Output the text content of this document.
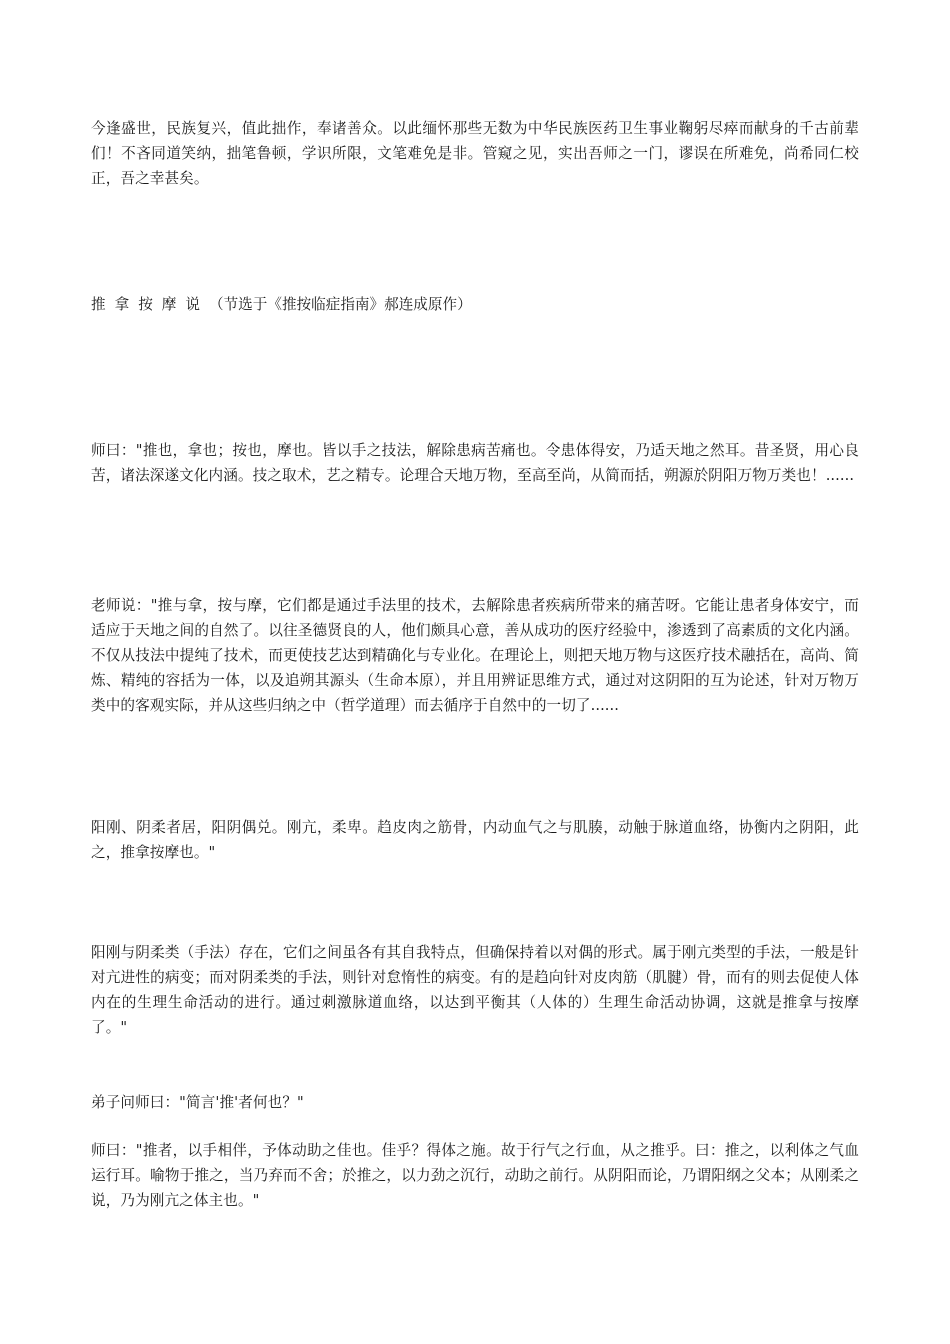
今逢盛世，民族复兴，值此拙作，奉诸善众。以此缅怀那些无数为中华民族医药卫生事业鞠躬尽瘁而献身的千古前辈们！不吝同道笑纳，拙笔鲁顿，学识所限，文笔难免是非。管窥之见，实出吾师之一门，谬误在所难免，尚希同仁校正，吾之幸甚矣。

推拿按摩说（节选于《推按临症指南》郝连成原作）

师曰："推也，拿也；按也，摩也。皆以手之技法，解除患病苦痛也。令患体得安，乃适天地之然耳。昔圣贤，用心良苦，诸法深遂文化内涵。技之取术，艺之精专。论理合天地万物，至高至尚，从简而括，朔源於阴阳万物万类也！......

老师说："推与拿，按与摩，它们都是通过手法里的技术，去解除患者疾病所带来的痛苦呀。它能让患者身体安宁，而适应于天地之间的自然了。以往圣德贤良的人，他们颇具心意，善从成功的医疗经验中，渗透到了高素质的文化内涵。不仅从技法中提纯了技术，而更使技艺达到精确化与专业化。在理论上，则把天地万物与这医疗技术融括在，高尚、简炼、精纯的容括为一体，以及追朔其源头（生命本原），并且用辨证思维方式，通过对这阴阳的互为论述，针对万物万类中的客观实际，并从这些归纳之中（哲学道理）而去循序于自然中的一切了......

阳刚、阴柔者居，阳阴偶兑。刚亢，柔卑。趋皮肉之筋骨，内动血气之与肌腠，动触于脉道血络，协衡内之阴阳，此之，推拿按摩也。"

阳刚与阴柔类（手法）存在，它们之间虽各有其自我特点，但确保持着以对偶的形式。属于刚亢类型的手法，一般是针对亢进性的病变；而对阴柔类的手法，则针对怠惰性的病变。有的是趋向针对皮肉筋（肌腱）骨，而有的则去促使人体内在的生理生命活动的进行。通过刺激脉道血络，以达到平衡其（人体的）生理生命活动协调，这就是推拿与按摩了。"

弟子问师曰："简言'推'者何也？"

师曰："推者，以手相伴，予体动助之佳也。佳乎？得体之施。故于行气之行血，从之推乎。曰：推之，以利体之气血运行耳。喻物于推之，当乃弃而不舍；於推之，以力劲之沉行，动助之前行。从阴阳而论，乃谓阳纲之父本；从刚柔之说，乃为刚亢之体主也。"
